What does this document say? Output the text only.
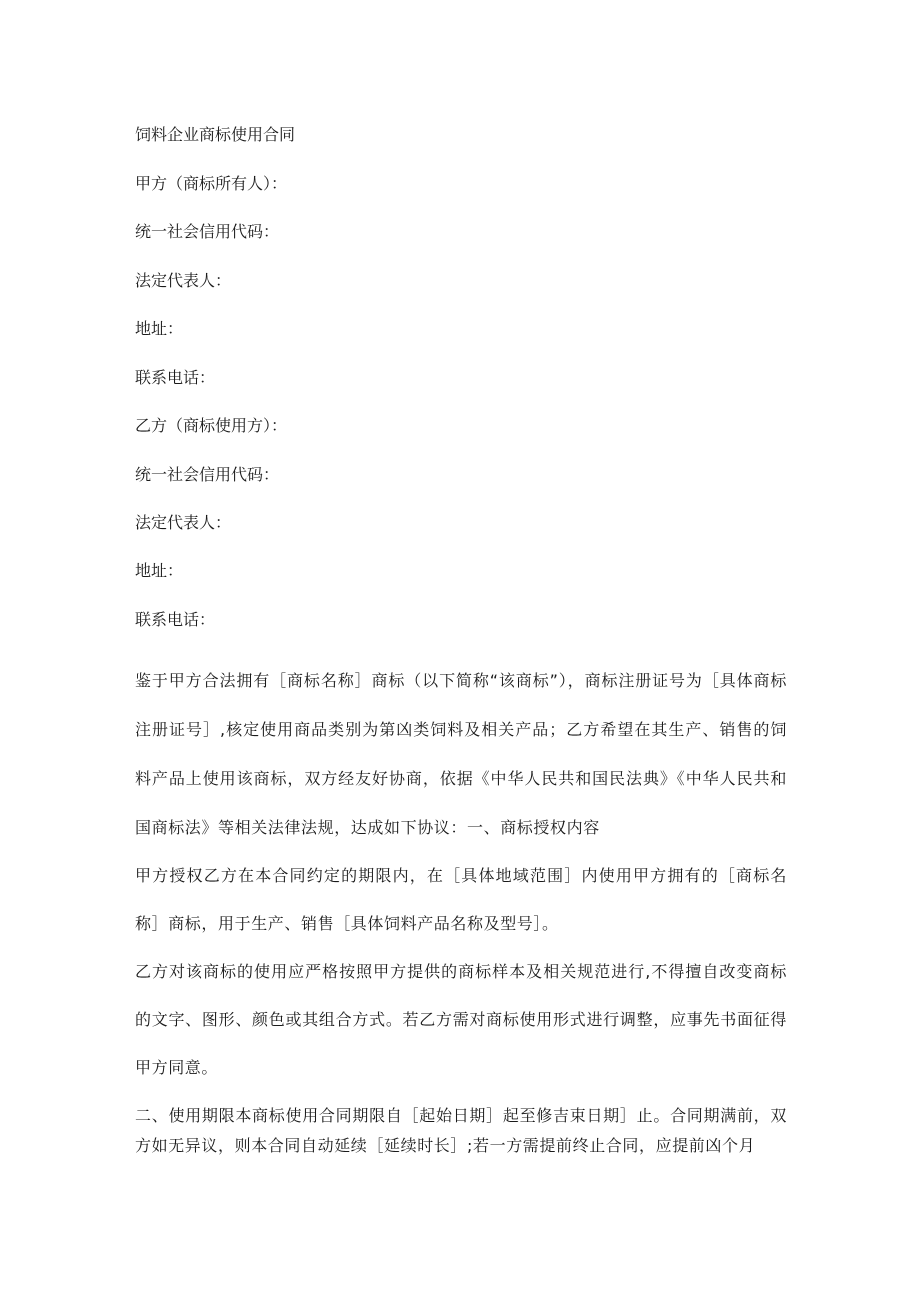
饲料企业商标使用合同
甲方（商标所有人）：
统一社会信用代码：
法定代表人：
地址：
联系电话：
乙方（商标使用方）：
统一社会信用代码：
法定代表人：
地址：
联系电话：
鉴于甲方合法拥有［商标名称］商标（以下简称“该商标”），商标注册证号为［具体商标注册证号］,核定使用商品类别为第凶类饲料及相关产品；乙方希望在其生产、销售的饲料产品上使用该商标，双方经友好协商，依据《中华人民共和国民法典》《中华人民共和国商标法》等相关法律法规，达成如下协议：一、商标授权内容
甲方授权乙方在本合同约定的期限内，在［具体地域范围］内使用甲方拥有的［商标名称］商标，用于生产、销售［具体饲料产品名称及型号］。
乙方对该商标的使用应严格按照甲方提供的商标样本及相关规范进行,不得擅自改变商标的文字、图形、颜色或其组合方式。若乙方需对商标使用形式进行调整，应事先书面征得甲方同意。
二、使用期限本商标使用合同期限自［起始日期］起至修吉束日期］止。合同期满前，双方如无异议，则本合同自动延续［延续时长］;若一方需提前终止合同，应提前凶个月
